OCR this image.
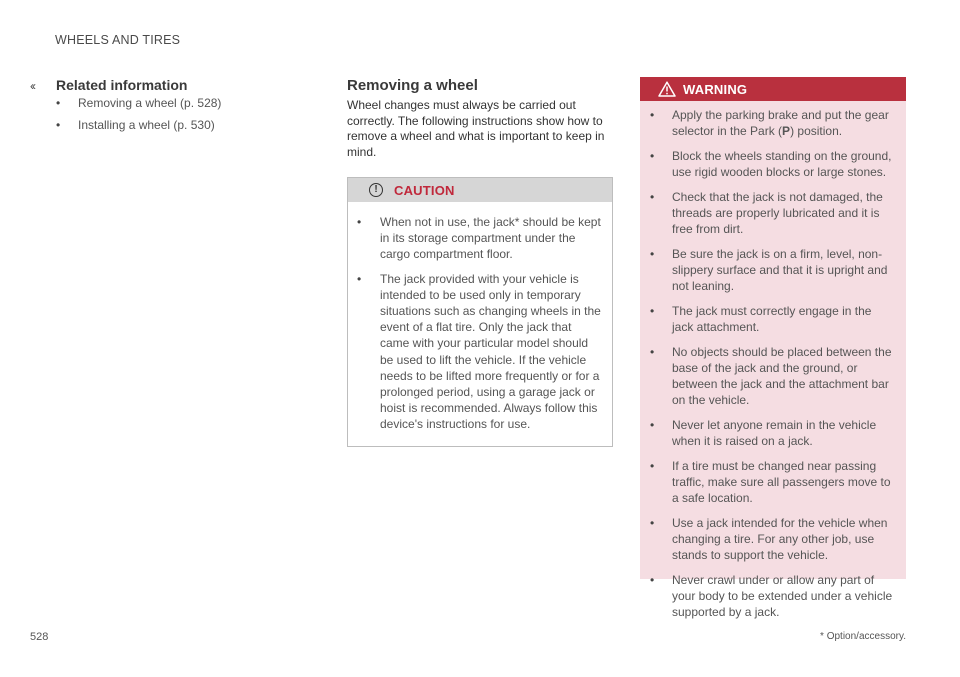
WHEELS AND TIRES
‹‹	Related information
• Removing a wheel (p. 528)
• Installing a wheel (p. 530)
Removing a wheel

Wheel changes must always be carried out correctly. The following instructions show how to remove a wheel and what is important to keep in mind.

!	CAUTION
• When not in use, the jack* should be kept in its storage compartment under the cargo compartment floor.
• The jack provided with your vehicle is intended to be used only in temporary situations such as changing wheels in the event of a flat tire. Only the jack that came with your particular model should be used to lift the vehicle. If the vehicle needs to be lifted more frequently or for a prolonged period, using a garage jack or hoist is recommended. Always follow this device's instructions for use.
WARNING
• Apply the parking brake and put the gear selector in the Park (P) position.
• Block the wheels standing on the ground, use rigid wooden blocks or large stones.
• Check that the jack is not damaged, the threads are properly lubricated and it is free from dirt.
• Be sure the jack is on a firm, level, non-slippery surface and that it is upright and not leaning.
• The jack must correctly engage in the jack attachment.
• No objects should be placed between the base of the jack and the ground, or between the jack and the attachment bar on the vehicle.
• Never let anyone remain in the vehicle when it is raised on a jack.
• If a tire must be changed near passing traffic, make sure all passengers move to a safe location.
• Use a jack intended for the vehicle when changing a tire. For any other job, use stands to support the vehicle.
• Never crawl under or allow any part of your body to be extended under a vehicle supported by a jack.
528	* Option/accessory.
